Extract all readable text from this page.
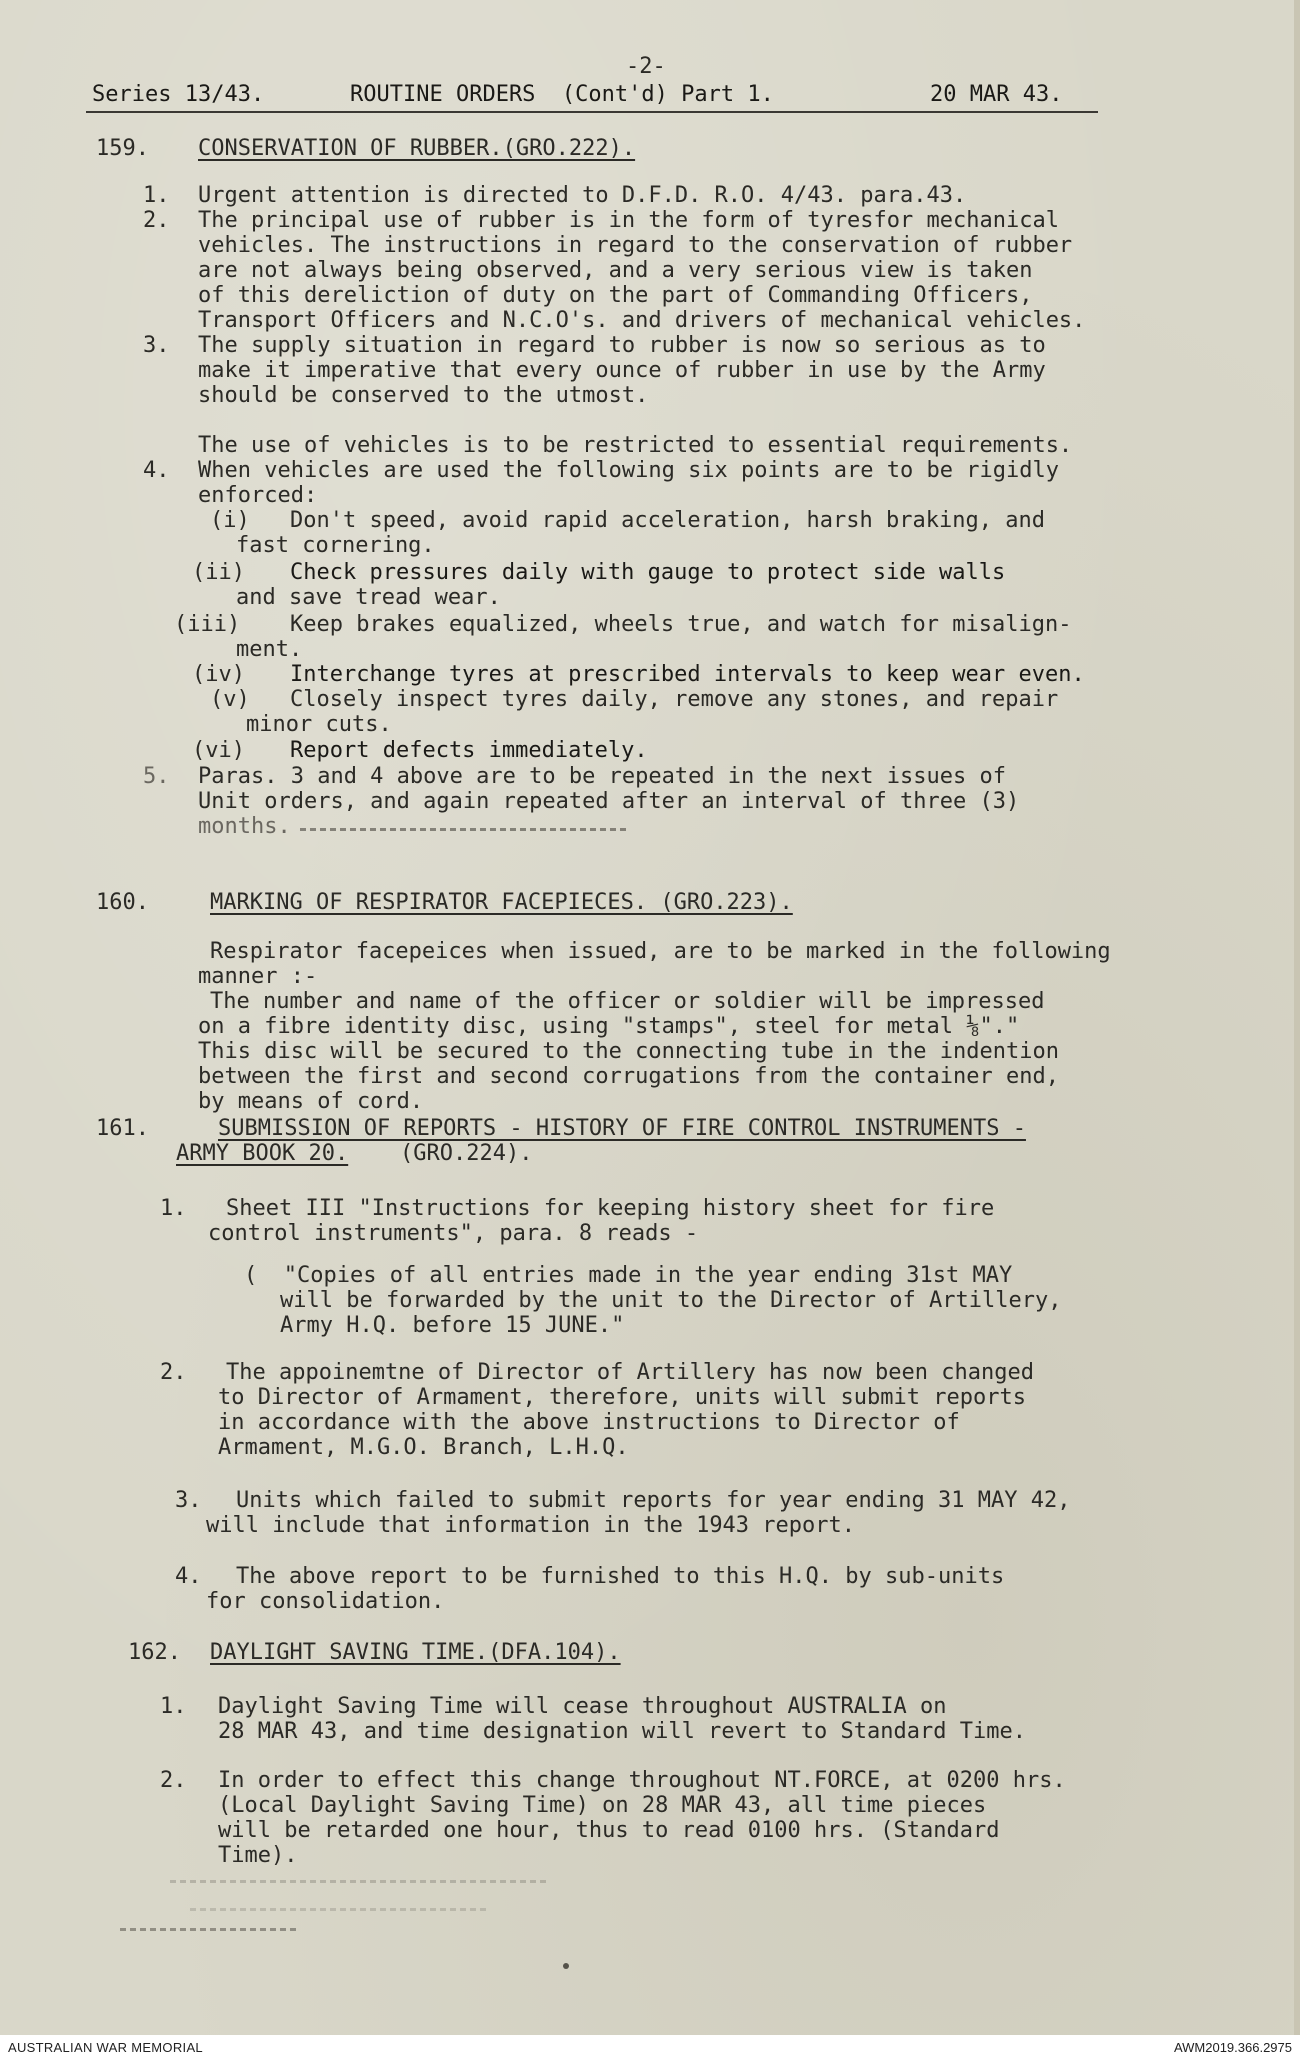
-2-
Series 13/43.	ROUTINE ORDERS  (Cont'd) Part 1.	20 MAR 43.
159. CONSERVATION OF RUBBER.(GRO.222).
1. Urgent attention is directed to D.F.D. R.O. 4/43. para.43.
2. The principal use of rubber is in the form of tyresfor mechanical
vehicles. The instructions in regard to the conservation of rubber
are not always being observed, and a very serious view is taken
of this dereliction of duty on the part of Commanding Officers,
Transport Officers and N.C.O's. and drivers of mechanical vehicles.
3. The supply situation in regard to rubber is now so serious as to
make it imperative that every ounce of rubber in use by the Army
should be conserved to the utmost.
The use of vehicles is to be restricted to essential requirements.
4. When vehicles are used the following six points are to be rigidly
enforced:
(i) Don't speed, avoid rapid acceleration, harsh braking, and
fast cornering.
(ii) Check pressures daily with gauge to protect side walls
and save tread wear.
(iii) Keep brakes equalized, wheels true, and watch for misalign-
ment.
(iv) Interchange tyres at prescribed intervals to keep wear even.
(v) Closely inspect tyres daily, remove any stones, and repair
minor cuts.
(vi) Report defects immediately.
5. Paras. 3 and 4 above are to be repeated in the next issues of
Unit orders, and again repeated after an interval of three (3)
months.
160.	MARKING OF RESPIRATOR FACEPIECES. (GRO.223).
Respirator facepeices when issued, are to be marked in the following
manner :-
The number and name of the officer or soldier will be impressed
on a fibre identity disc, using "stamps", steel for metal ⅛"."
This disc will be secured to the connecting tube in the indention
between the first and second corrugations from the container end,
by means of cord.
161.	SUBMISSION OF REPORTS - HISTORY OF FIRE CONTROL INSTRUMENTS -
ARMY BOOK 20. (GRO.224).
1. Sheet III "Instructions for keeping history sheet for fire
control instruments", para. 8 reads -
(  "Copies of all entries made in the year ending 31st MAY
will be forwarded by the unit to the Director of Artillery,
Army H.Q. before 15 JUNE."
2. The appoinemtne of Director of Artillery has now been changed
to Director of Armament, therefore, units will submit reports
in accordance with the above instructions to Director of
Armament, M.G.O. Branch, L.H.Q.
3. Units which failed to submit reports for year ending 31 MAY 42,
will include that information in the 1943 report.
4. The above report to be furnished to this H.Q. by sub-units
for consolidation.
162. DAYLIGHT SAVING TIME.(DFA.104).
1. Daylight Saving Time will cease throughout AUSTRALIA on
28 MAR 43, and time designation will revert to Standard Time.
2. In order to effect this change throughout NT.FORCE, at 0200 hrs.
(Local Daylight Saving Time) on 28 MAR 43, all time pieces
will be retarded one hour, thus to read 0100 hrs. (Standard
Time).
AUSTRALIAN WAR MEMORIAL	AWM2019.366.2975
